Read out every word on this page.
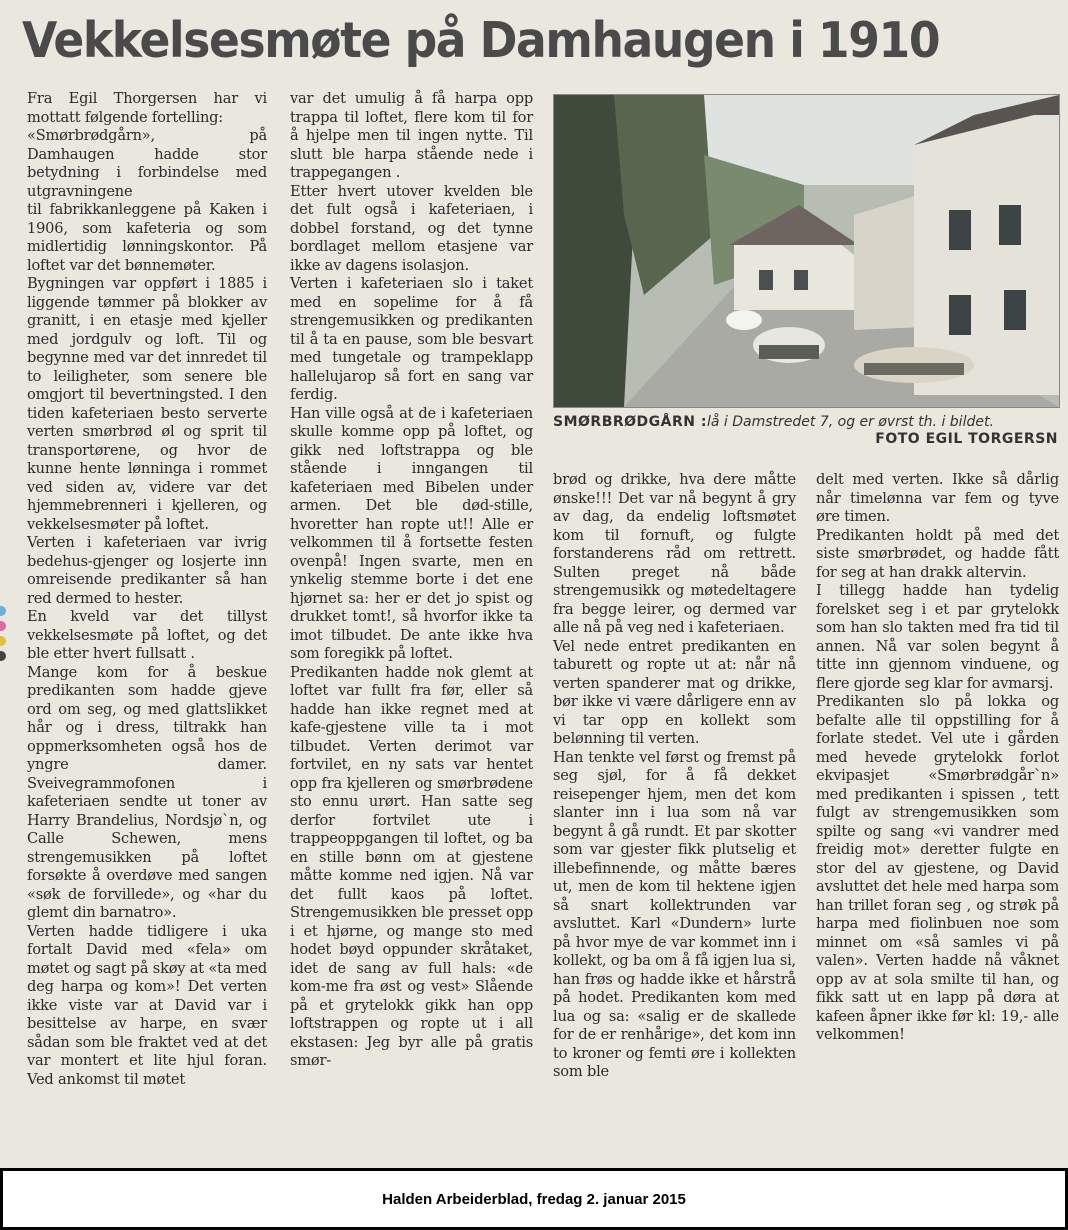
Vekkelsesmøte på Damhaugen i 1910
Fra Egil Thorgersen har vi mottatt følgende fortelling:
«Smørbrødgårn», på Damhaugen hadde stor betydning i forbindelse med utgravningene
til fabrikkanleggene på Kaken i 1906, som kafeteria og som midlertidig lønningskontor. På loftet var det bønnemøter.
Bygningen var oppført i 1885 i liggende tømmer på blokker av granitt, i en etasje med kjeller med jordgulv og loft. Til og begynne med var det innredet til to leiligheter, som senere ble omgjort til bevertningsted. I den tiden kafeteriaen besto serverte verten smørbrød øl og sprit til transportørene, og hvor de kunne hente lønninga i rommet ved siden av, videre var det hjemmebrenneri i kjelleren, og vekkelsesmøter på loftet.
Verten i kafeteriaen var ivrig bedehus-gjenger og losjerte inn omreisende predikanter så han red dermed to hester.
En kveld var det tillyst vekkelsesmøte på loftet, og det ble etter hvert fullsatt .
Mange kom for å beskue predikanten som hadde gjeve ord om seg, og med glattslikket hår og i dress, tiltrakk han oppmerksomheten også hos de yngre damer. Sveivegrammofonen i kafeteriaen sendte ut toner av Harry Brandelius, Nordsjø`n, og Calle Schewen, mens strengemusikken på loftet forsøkte å overdøve med sangen «søk de forvillede», og «har du glemt din barnatro».
Verten hadde tidligere i uka fortalt David med «fela» om møtet og sagt på skøy at «ta med deg harpa og kom»! Det verten ikke viste var at David var i besittelse av harpe, en svær sådan som ble fraktet ved at det var montert et lite hjul foran. Ved ankomst til møtet
var det umulig å få harpa opp trappa til loftet, flere kom til for å hjelpe men til ingen nytte. Til slutt ble harpa stående nede i trappegangen .
Etter hvert utover kvelden ble det fult også i kafeteriaen, i dobbel forstand, og det tynne bordlaget mellom etasjene var ikke av dagens isolasjon.
Verten i kafeteriaen slo i taket med en sopelime for å få strengemusikken og predikanten til å ta en pause, som ble besvart med tungetale og trampeklapp hallelujarop så fort en sang var ferdig.
Han ville også at de i kafeteriaen skulle komme opp på loftet, og gikk ned loftstrappa og ble stående i inngangen til kafeteriaen med Bibelen under armen. Det ble død-stille, hvoretter han ropte ut!! Alle er velkommen til å fortsette festen ovenpå! Ingen svarte, men en ynkelig stemme borte i det ene hjørnet sa: her er det jo spist og drukket tomt!, så hvorfor ikke ta imot tilbudet. De ante ikke hva som foregikk på loftet.
Predikanten hadde nok glemt at loftet var fullt fra før, eller så hadde han ikke regnet med at kafe-gjestene ville ta i mot tilbudet. Verten derimot var fortvilet, en ny sats var hentet opp fra kjelleren og smørbrødene sto ennu urørt. Han satte seg derfor fortvilet ute i trappeoppgangen til loftet, og ba en stille bønn om at gjestene måtte komme ned igjen. Nå var det fullt kaos på loftet. Strengemusikken ble presset opp i et hjørne, og mange sto med hodet bøyd oppunder skråtaket, idet de sang av full hals: «de kom-me fra øst og vest» Slående på et grytelokk gikk han opp loftstrappen og ropte ut i all ekstasen: Jeg byr alle på gratis smør-
brød og drikke, hva dere måtte ønske!!! Det var nå begynt å gry av dag, da endelig loftsmøtet kom til fornuft, og fulgte forstanderens råd om rettrett. Sulten preget nå både strengemusikk og møtedeltagere fra begge leirer, og dermed var alle nå på veg ned i kafeteriaen.
Vel nede entret predikanten en taburett og ropte ut at: når nå verten spanderer mat og drikke, bør ikke vi være dårligere enn av vi tar opp en kollekt som belønning til verten.
Han tenkte vel først og fremst på seg sjøl, for å få dekket reisepenger hjem, men det kom slanter inn i lua som nå var begynt å gå rundt. Et par skotter som var gjester fikk plutselig et illebefinnende, og måtte bæres ut, men de kom til hektene igjen så snart kollektrunden var avsluttet. Karl «Dundern» lurte på hvor mye de var kommet inn i kollekt, og ba om å få igjen lua si, han frøs og hadde ikke et hårstrå på hodet. Predikanten kom med lua og sa: «salig er de skallede for de er renhårige», det kom inn to kroner og femti øre i kollekten som ble
delt med verten. Ikke så dårlig når timelønna var fem og tyve øre timen.
Predikanten holdt på med det siste smørbrødet, og hadde fått for seg at han drakk altervin.
I tillegg hadde han tydelig forelsket seg i et par grytelokk som han slo takten med fra tid til annen. Nå var solen begynt å titte inn gjennom vinduene, og flere gjorde seg klar for avmarsj.
Predikanten slo på lokka og befalte alle til oppstilling for å forlate stedet. Vel ute i gården med hevede grytelokk forlot ekvipasjet «Smørbrødgår`n» med predikanten i spissen , tett fulgt av strengemusikken som spilte og sang «vi vandrer med freidig mot» deretter fulgte en stor del av gjestene, og David avsluttet det hele med harpa som han trillet foran seg , og strøk på harpa med fiolinbuen noe som minnet om «så samles vi på valen». Verten hadde nå våknet opp av at sola smilte til han, og fikk satt ut en lapp på døra at kafeen åpner ikke før kl: 19,- alle velkommen!
SMØRBRØDGÅRN :lå i Damstredet 7, og er øvrst th. i bildet.
FOTO EGIL TORGERSN
Halden Arbeiderblad, fredag 2. januar 2015
